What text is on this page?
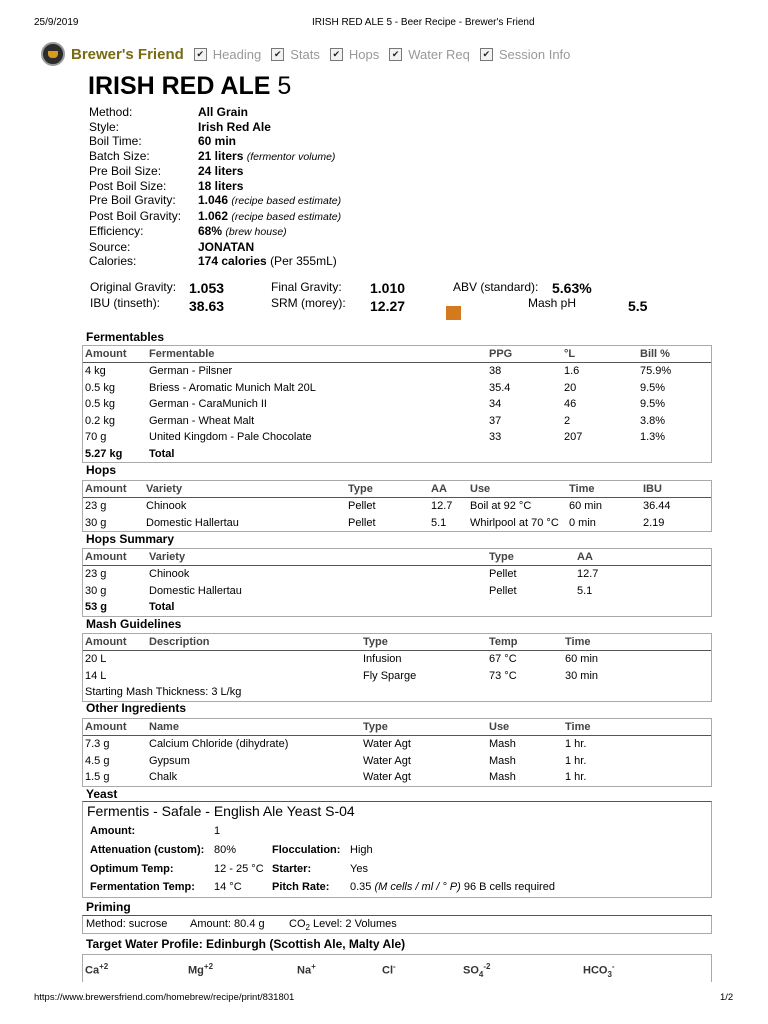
25/9/2019	IRISH RED ALE 5 - Beer Recipe - Brewer's Friend
https://www.brewersfriend.com/homebrew/recipe/print/831801	1/2
Brewer's Friend	✔ Heading	✔ Stats	✔ Hops	✔ Water Req	✔ Session Info
IRISH RED ALE 5
Method:	All Grain
Style:	Irish Red Ale
Boil Time:	60 min
Batch Size:	21 liters (fermentor volume)
Pre Boil Size:	24 liters
Post Boil Size:	18 liters
Pre Boil Gravity:	1.046 (recipe based estimate)
Post Boil Gravity:	1.062 (recipe based estimate)
Efficiency:	68% (brew house)
Source:	JONATAN
Calories:	174 calories (Per 355mL)
Original Gravity: 1.053	Final Gravity: 1.010	ABV (standard): 5.63%
IBU (tinseth): 38.63	SRM (morey): 12.27	Mash pH	5.5
Fermentables
Amount Fermentable	PPG	°L	Bill %
4 kg	German - Pilsner	38	1.6	75.9%
0.5 kg	Briess - Aromatic Munich Malt 20L	35.4	20	9.5%
0.5 kg	German - CaraMunich II	34	46	9.5%
0.2 kg	German - Wheat Malt	37	2	3.8%
70 g	United Kingdom - Pale Chocolate	33	207	1.3%
5.27 kg Total
Hops
Amount Variety	Type	AA Use	Time	IBU
23 g	Chinook	Pellet	12.7 Boil at 92 °C	60 min	36.44
30 g	Domestic Hallertau	Pellet	5.1 Whirlpool at 70 °C 0 min	2.19
Hops Summary
Amount Variety	Type	AA
23 g	Chinook	Pellet	12.7
30 g	Domestic Hallertau	Pellet	5.1
53 g	Total
Mash Guidelines
Amount Description	Type	Temp	Time
20 L	Infusion	67 °C	60 min
14 L	Fly Sparge	73 °C	30 min
Starting Mash Thickness: 3 L/kg
Other Ingredients
Amount Name	Type	Use	Time
7.3 g	Calcium Chloride (dihydrate)	Water Agt	Mash	1 hr.
4.5 g	Gypsum	Water Agt	Mash	1 hr.
1.5 g	Chalk	Water Agt	Mash	1 hr.
Yeast
Fermentis - Safale - English Ale Yeast S-04
Amount:	1
Attenuation (custom): 80%	Flocculation: High
Optimum Temp:	12 - 25 °C Starter:	Yes
Fermentation Temp: 14 °C	Pitch Rate: 0.35 (M cells / ml / ° P) 96 B cells required
Priming
Method: sucrose Amount: 80.4 g $CO_2$ Level: 2 Volumes
Target Water Profile: Edinburgh (Scottish Ale, Malty Ale)
$Ca^{+2}$	$Mg^{+2}$	Na+	Cl-	$SO_4^{-2}$	$HCO_3^-$
